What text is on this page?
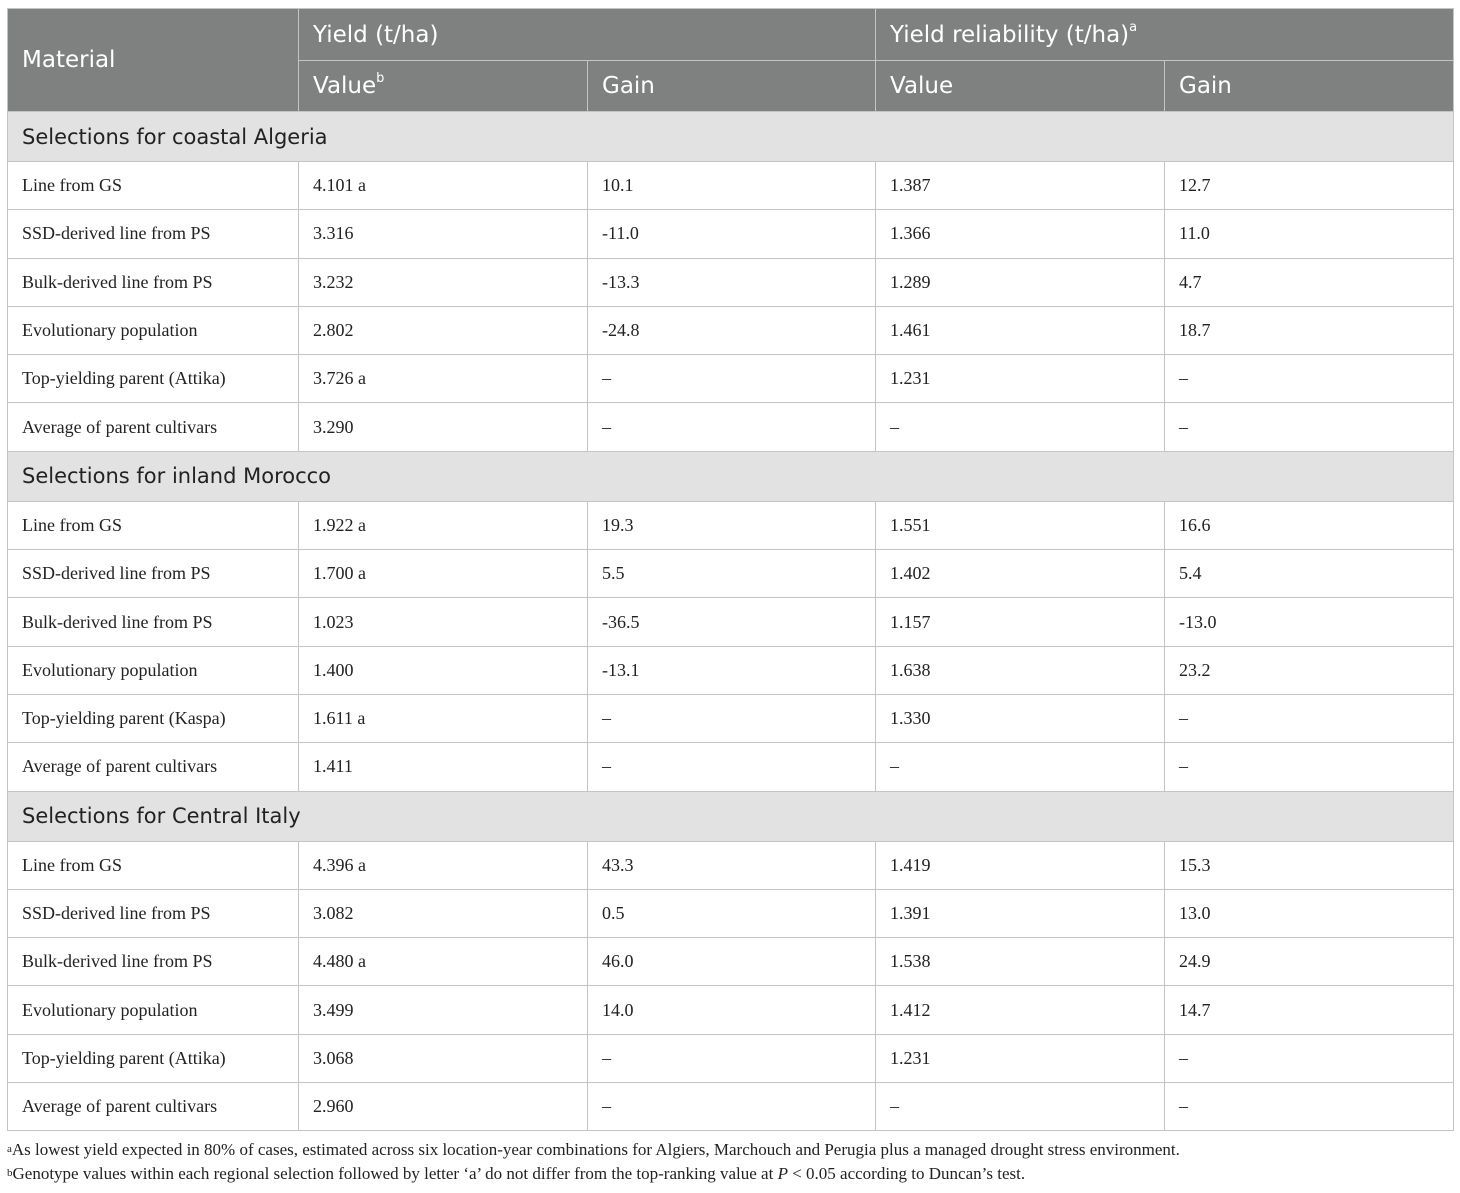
Material	Yield (t/ha)		Yield reliability $(t/ha)^a$
	Value$^b$	Gain	Value	Gain
Selections for coastal Algeria				
Line from GS	4.101 a	10.1	1.387	12.7
SSD-derived line from PS	3.316	-11.0	1.366	11.0
Bulk-derived line from PS	3.232	-13.3	1.289	4.7
Evolutionary population	2.802	-24.8	1.461	18.7
Top-yielding parent (Attika)	3.726 a	–	1.231	–
Average of parent cultivars	3.290	–	–	–
Selections for inland Morocco				
Line from GS	1.922 a	19.3	1.551	16.6
SSD-derived line from PS	1.700 a	5.5	1.402	5.4
Bulk-derived line from PS	1.023	-36.5	1.157	-13.0
Evolutionary population	1.400	-13.1	1.638	23.2
Top-yielding parent (Kaspa)	1.611 a	–	1.330	–
Average of parent cultivars	1.411	–	–	–
Selections for Central Italy				
Line from GS	4.396 a	43.3	1.419	15.3
SSD-derived line from PS	3.082	0.5	1.391	13.0
Bulk-derived line from PS	4.480 a	46.0	1.538	24.9
Evolutionary population	3.499	14.0	1.412	14.7
Top-yielding parent (Attika)	3.068	–	1.231	–
Average of parent cultivars	2.960	–	–	–

$^a$As lowest yield expected in 80% of cases, estimated across six location-year combinations for Algiers, Marchouch and Perugia plus a managed drought stress environment.

$^b$Genotype values within each regional selection followed by letter ‘a’ do not differ from the top-ranking value at P < 0.05 according to Duncan’s test.
